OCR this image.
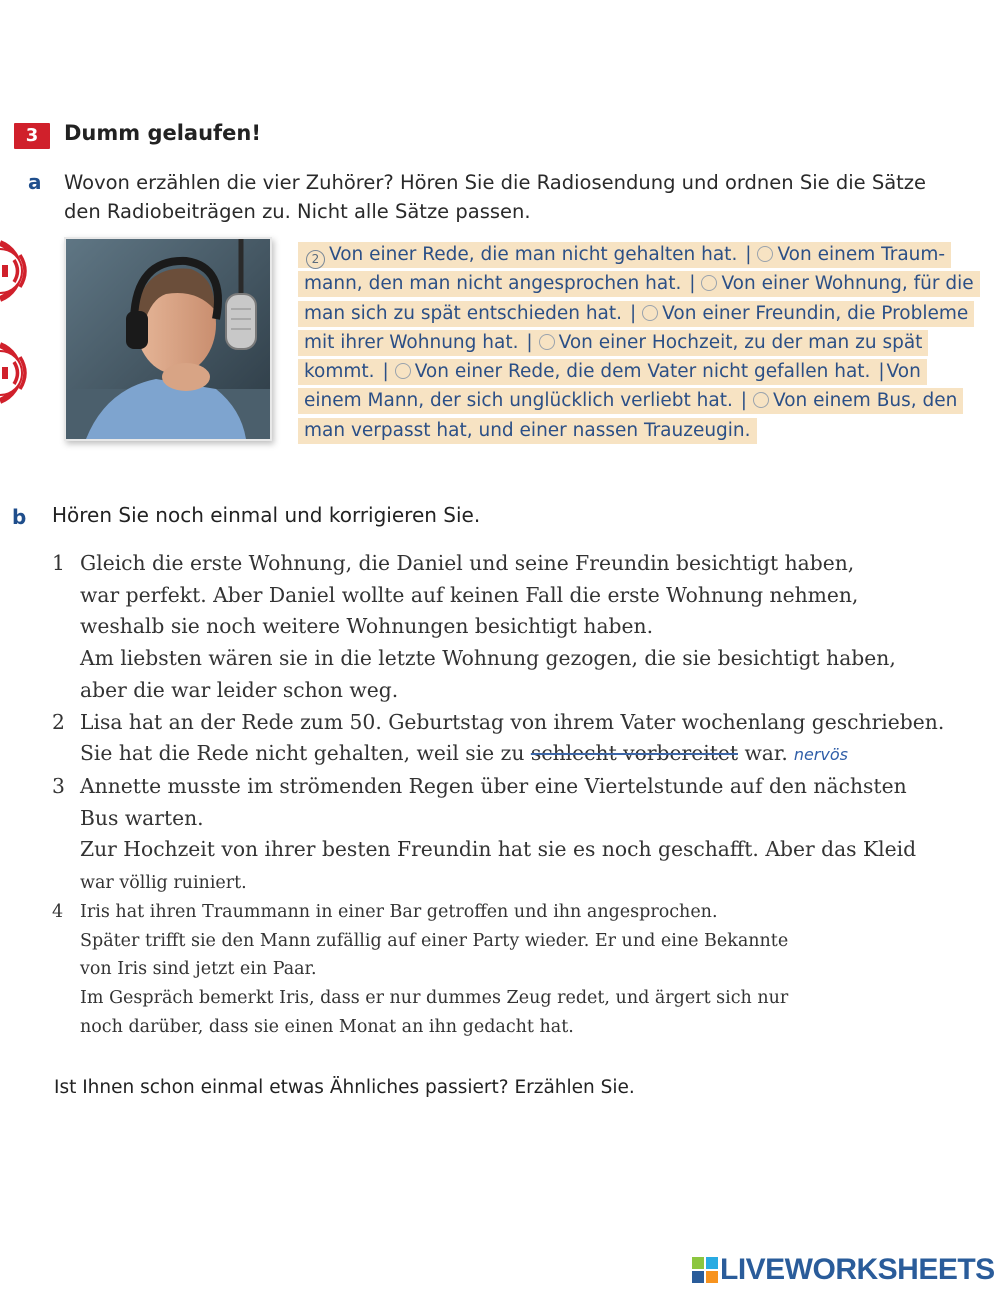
3	Dumm gelaufen!
a Wovon erzählen die vier Zuhörer? Hören Sie die Radiosendung und ordnen Sie die Sätze
den Radiobeiträgen zu. Nicht alle Sätze passen.
2 Von einer Rede, die man nicht gehalten hat. | Von einem Traum-mann, den man nicht angesprochen hat. | Von einer Wohnung, für die man sich zu spät entschieden hat. | Von einer Freundin, die Probleme mit ihrer Wohnung hat. | Von einer Hochzeit, zu der man zu spät kommt. | Von einer Rede, die dem Vater nicht gefallen hat. | Von einem Mann, der sich unglücklich verliebt hat. | Von einem Bus, den man verpasst hat, und einer nassen Trauzeugin.
b Hören Sie noch einmal und korrigieren Sie.
1 Gleich die erste Wohnung, die Daniel und seine Freundin besichtigt haben,
war perfekt. Aber Daniel wollte auf keinen Fall die erste Wohnung nehmen,
weshalb sie noch weitere Wohnungen besichtigt haben.
Am liebsten wären sie in die letzte Wohnung gezogen, die sie besichtigt haben,
aber die war leider schon weg.
2 Lisa hat an der Rede zum 50. Geburtstag von ihrem Vater wochenlang geschrieben.
Sie hat die Rede nicht gehalten, weil sie zu schlecht vorbereitet war. nervös
3 Annette musste im strömenden Regen über eine Viertelstunde auf den nächsten
Bus warten.
Zur Hochzeit von ihrer besten Freundin hat sie es noch geschafft. Aber das Kleid
war völlig ruiniert.
4 Iris hat ihren Traummann in einer Bar getroffen und ihn angesprochen.
Später trifft sie den Mann zufällig auf einer Party wieder. Er und eine Bekannte
von Iris sind jetzt ein Paar.
Im Gespräch bemerkt Iris, dass er nur dummes Zeug redet, und ärgert sich nur
noch darüber, dass sie einen Monat an ihn gedacht hat.
Ist Ihnen schon einmal etwas Ähnliches passiert? Erzählen Sie.
LIVEWORKSHEETS
